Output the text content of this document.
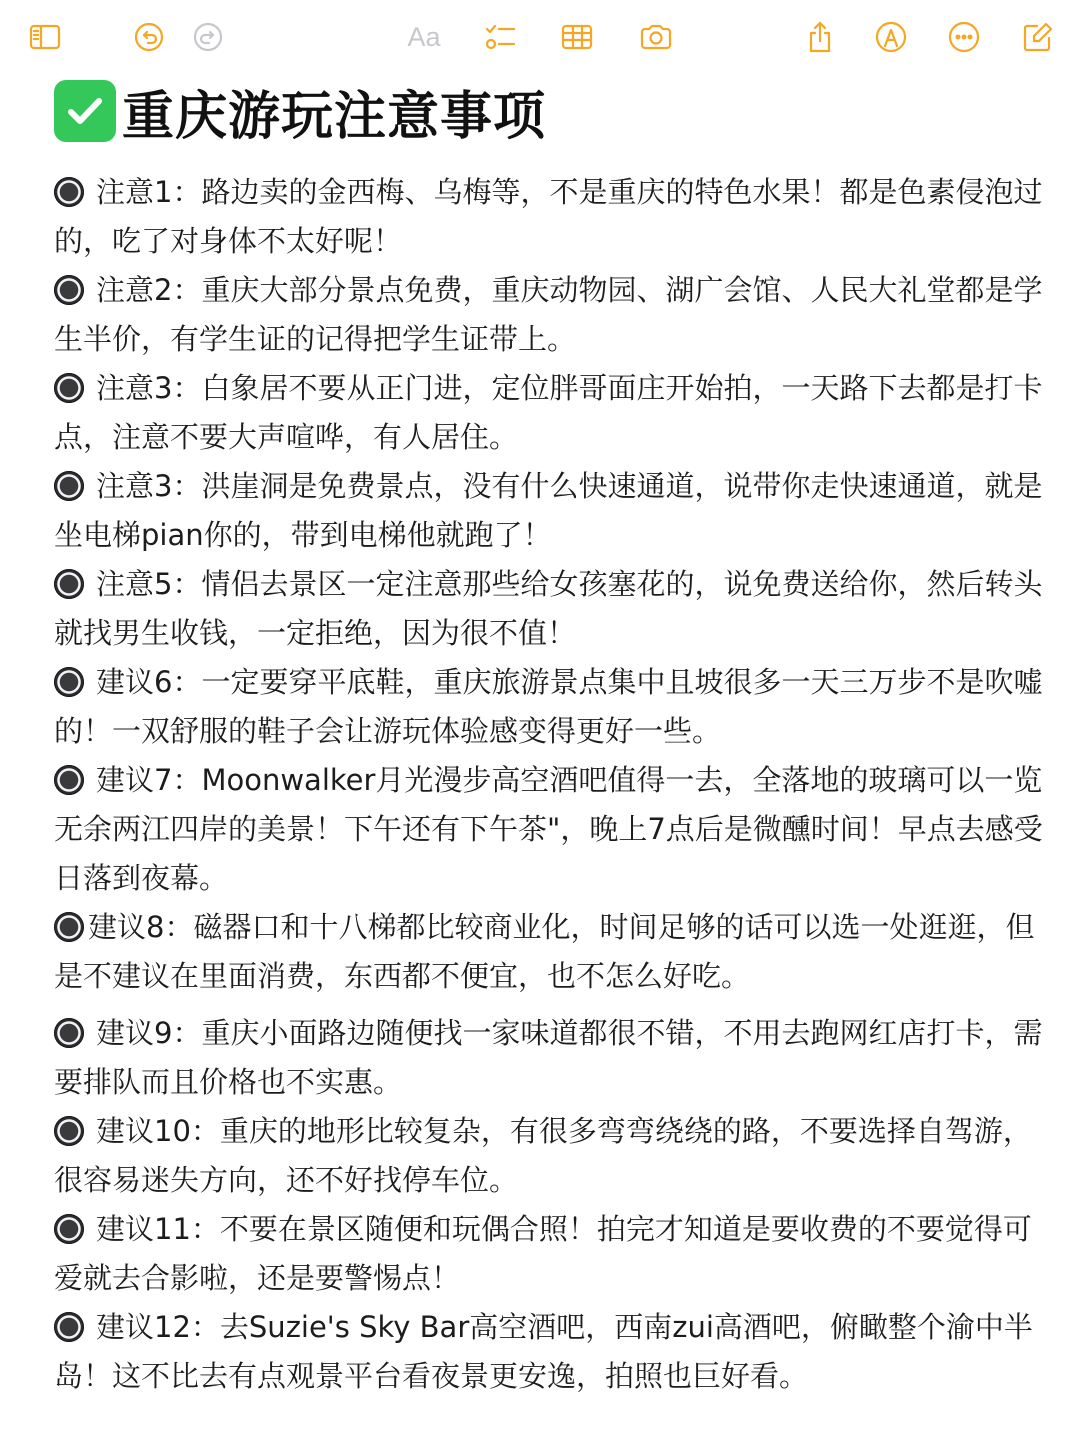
Aa
重庆游玩注意事项
注意1：路边卖的金西梅、乌梅等，不是重庆的特色水果！都是色素侵泡过的，吃了对身体不太好呢！
注意2：重庆大部分景点免费，重庆动物园、湖广会馆、人民大礼堂都是学生半价，有学生证的记得把学生证带上。
注意3：白象居不要从正门进，定位胖哥面庄开始拍，一天路下去都是打卡点，注意不要大声喧哗，有人居住。
注意3：洪崖洞是免费景点，没有什么快速通道，说带你走快速通道，就是坐电梯pian你的，带到电梯他就跑了！
注意5：情侣去景区一定注意那些给女孩塞花的，说免费送给你，然后转头就找男生收钱，一定拒绝，因为很不值！
建议6：一定要穿平底鞋，重庆旅游景点集中且坡很多一天三万步不是吹嘘的！一双舒服的鞋子会让游玩体验感变得更好一些。
建议7：Moonwalker月光漫步高空酒吧值得一去，全落地的玻璃可以一览无余两江四岸的美景！下午还有下午茶"，晚上7点后是微醺时间！早点去感受日落到夜幕。
建议8：磁器口和十八梯都比较商业化，时间足够的话可以选一处逛逛，但是不建议在里面消费，东西都不便宜，也不怎么好吃。
建议9：重庆小面路边随便找一家味道都很不错，不用去跑网红店打卡，需要排队而且价格也不实惠。
建议10：重庆的地形比较复杂，有很多弯弯绕绕的路，不要选择自驾游，很容易迷失方向，还不好找停车位。
建议11：不要在景区随便和玩偶合照！拍完才知道是要收费的不要觉得可爱就去合影啦，还是要警惕点！
建议12：去Suzie's Sky Bar高空酒吧，西南zui高酒吧，俯瞰整个渝中半岛！这不比去有点观景平台看夜景更安逸，拍照也巨好看。
